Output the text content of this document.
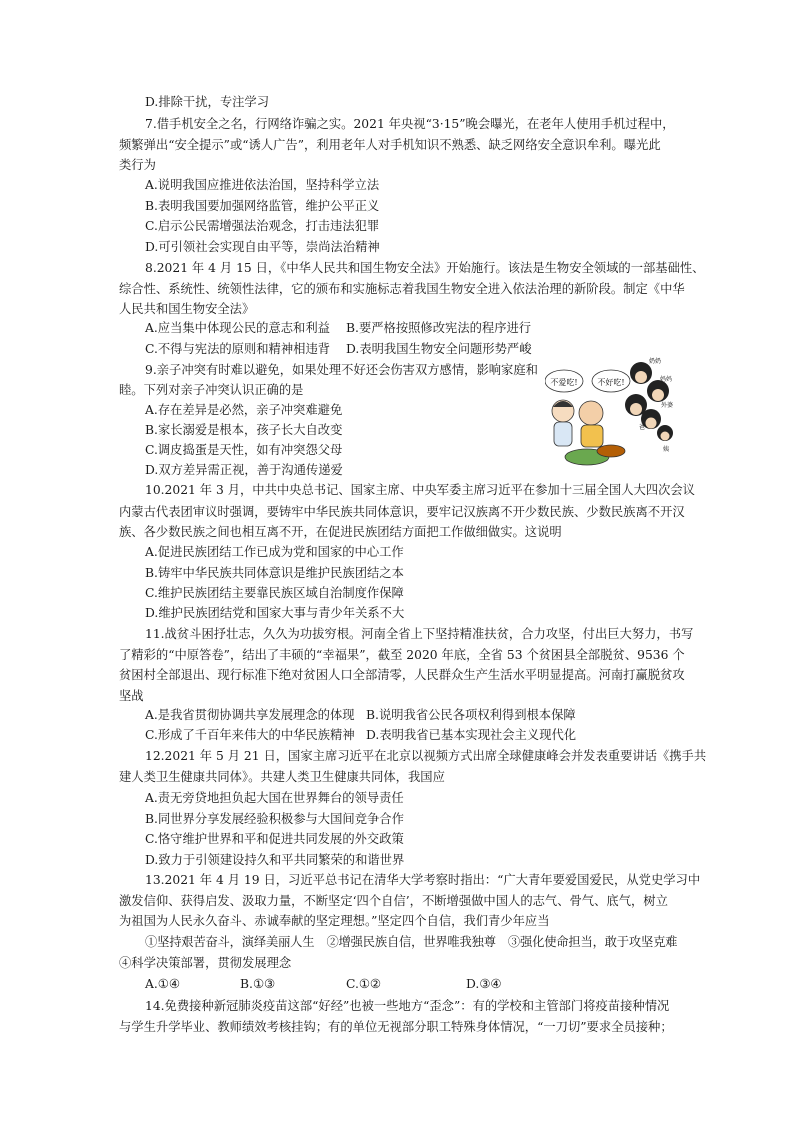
D.排除干扰，专注学习
7.借手机安全之名，行网络诈骗之实。2021 年央视“3·15”晚会曝光，在老年人使用手机过程中，
频繁弹出“安全提示”或“诱人广告”，利用老年人对手机知识不熟悉、缺乏网络安全意识牟利。曝光此
类行为
A.说明我国应推进依法治国，坚持科学立法
B.表明我国要加强网络监管，维护公平正义
C.启示公民需增强法治观念，打击违法犯罪
D.可引领社会实现自由平等，崇尚法治精神
8.2021 年 4 月 15 日，《中华人民共和国生物安全法》开始施行。该法是生物安全领域的一部基础性、
综合性、系统性、统领性法律，它的颁布和实施标志着我国生物安全进入依法治理的新阶段。制定《中华
人民共和国生物安全法》
A.应当集中体现公民的意志和利益 B.要严格按照修改宪法的程序进行
C.不得与宪法的原则和精神相违背 D.表明我国生物安全问题形势严峻
9.亲子冲突有时难以避免，如果处理不好还会伤害双方感情，影响家庭和
睦。下列对亲子冲突认识正确的是
A.存在差异是必然，亲子冲突难避免
B.家长溺爱是根本，孩子长大自改变
C.调皮捣蛋是天性，如有冲突怨父母
D.双方差异需正视，善于沟通传递爱
不爱吃! 不好吃!
奶奶
妈妈
外婆
爸
姨
10.2021 年 3 月，中共中央总书记、国家主席、中央军委主席习近平在参加十三届全国人大四次会议
内蒙古代表团审议时强调，要铸牢中华民族共同体意识，要牢记汉族离不开少数民族、少数民族离不开汉
族、各少数民族之间也相互离不开，在促进民族团结方面把工作做细做实。这说明
A.促进民族团结工作已成为党和国家的中心工作
B.铸牢中华民族共同体意识是维护民族团结之本
C.维护民族团结主要靠民族区域自治制度作保障
D.维护民族团结党和国家大事与青少年关系不大
11.战贫斗困抒壮志，久久为功拔穷根。河南全省上下坚持精准扶贫，合力攻坚，付出巨大努力，书写
了精彩的“中原答卷”，结出了丰硕的“幸福果”，截至 2020 年底，全省 53 个贫困县全部脱贫、9536 个
贫困村全部退出、现行标准下绝对贫困人口全部清零，人民群众生产生活水平明显提高。河南打赢脱贫攻
坚战
A.是我省贯彻协调共享发展理念的体现 B.说明我省公民各项权利得到根本保障
C.形成了千百年来伟大的中华民族精神 D.表明我省已基本实现社会主义现代化
12.2021 年 5 月 21 日，国家主席习近平在北京以视频方式出席全球健康峰会并发表重要讲话《携手共
建人类卫生健康共同体》。共建人类卫生健康共同体，我国应
A.责无旁贷地担负起大国在世界舞台的领导责任
B.同世界分享发展经验积极参与大国间竞争合作
C.恪守维护世界和平和促进共同发展的外交政策
D.致力于引领建设持久和平共同繁荣的和谐世界
13.2021 年 4 月 19 日，习近平总书记在清华大学考察时指出：“广大青年要爱国爱民，从党史学习中
激发信仰、获得启发、汲取力量，不断坚定‘四个自信’，不断增强做中国人的志气、骨气、底气，树立
为祖国为人民永久奋斗、赤诚奉献的坚定理想。”坚定四个自信，我们青少年应当
①坚持艰苦奋斗，演绎美丽人生　②增强民族自信，世界唯我独尊　③强化使命担当，敢于攻坚克难
④科学决策部署，贯彻发展理念
A.①④	B.①③	C.①②	D.③④
14.免费接种新冠肺炎疫苗这部“好经”也被一些地方“歪念”：有的学校和主管部门将疫苗接种情况
与学生升学毕业、教师绩效考核挂钩；有的单位无视部分职工特殊身体情况，“一刀切”要求全员接种；
